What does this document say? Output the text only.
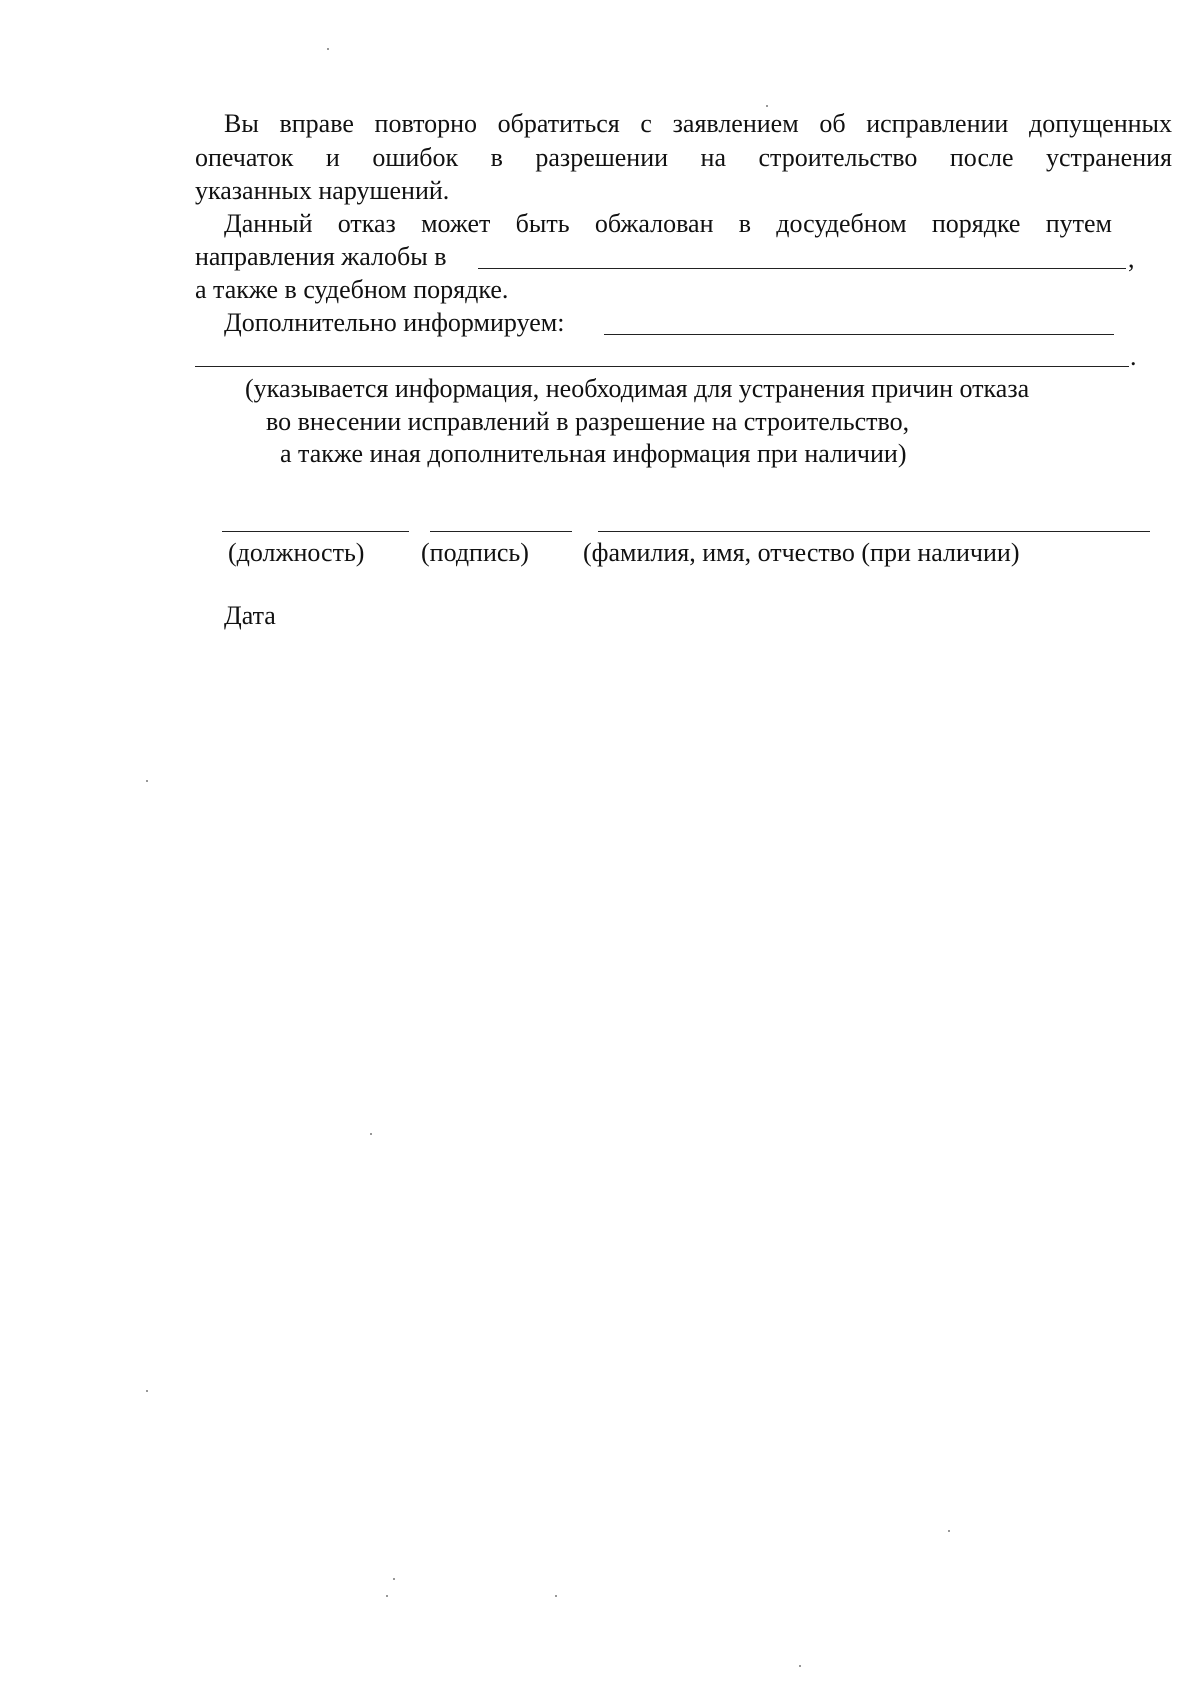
Вы вправе повторно обратиться с заявлением об исправлении допущенных
опечаток и ошибок в разрешении на строительство после устранения
указанных нарушений.
Данный отказ может быть обжалован в досудебном порядке путем
направления жалобы в	,
а также в судебном порядке.
Дополнительно информируем:
.
(указывается информация, необходимая для устранения причин отказа
во внесении исправлений в разрешение на строительство,
а также иная дополнительная информация при наличии)
(должность) (подпись) (фамилия, имя, отчество (при наличии)
Дата
